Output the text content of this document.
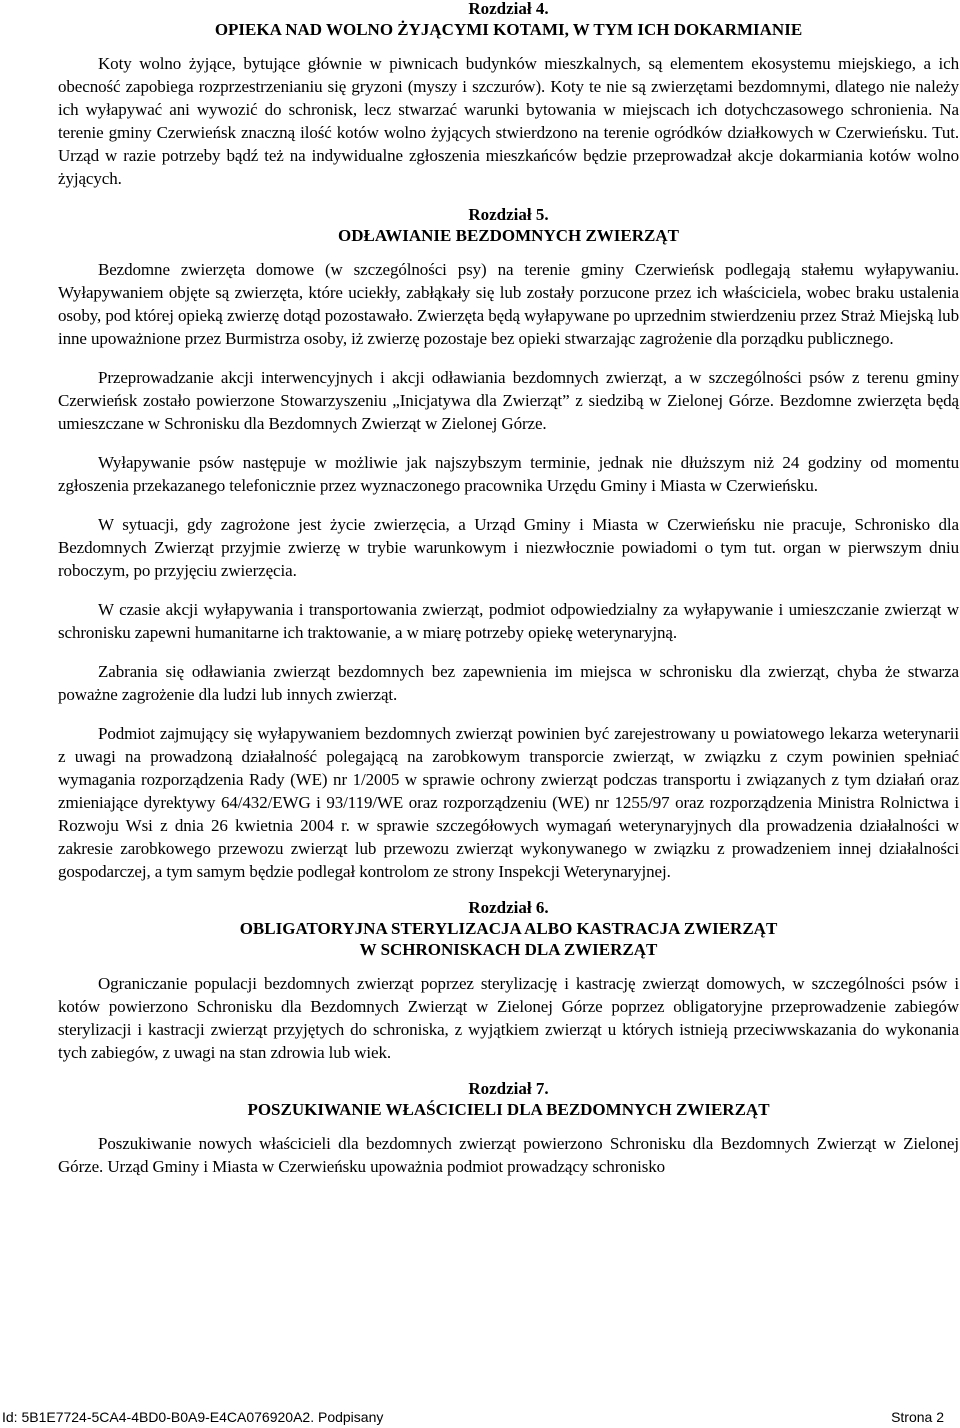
Rozdział 4.
OPIEKA NAD WOLNO ŻYJĄCYMI KOTAMI, W TYM ICH DOKARMIANIE

Koty wolno żyjące, bytujące głównie w piwnicach budynków mieszkalnych, są elementem ekosystemu miejskiego, a ich obecność zapobiega rozprzestrzenianiu się gryzoni (myszy i szczurów). Koty te nie są zwierzętami bezdomnymi, dlatego nie należy ich wyłapywać ani wywozić do schronisk, lecz stwarzać warunki bytowania w miejscach ich dotychczasowego schronienia. Na terenie gminy Czerwieńsk znaczną ilość kotów wolno żyjących stwierdzono na terenie ogródków działkowych w Czerwieńsku. Tut. Urząd w razie potrzeby bądź też na indywidualne zgłoszenia mieszkańców będzie przeprowadzał akcje dokarmiania kotów wolno żyjących.

Rozdział 5.
ODŁAWIANIE BEZDOMNYCH ZWIERZĄT

Bezdomne zwierzęta domowe (w szczególności psy) na terenie gminy Czerwieńsk podlegają stałemu wyłapywaniu. Wyłapywaniem objęte są zwierzęta, które uciekły, zabłąkały się lub zostały porzucone przez ich właściciela, wobec braku ustalenia osoby, pod której opieką zwierzę dotąd pozostawało. Zwierzęta będą wyłapywane po uprzednim stwierdzeniu przez Straż Miejską lub inne upoważnione przez Burmistrza osoby, iż zwierzę pozostaje bez opieki stwarzając zagrożenie dla porządku publicznego.

Przeprowadzanie akcji interwencyjnych i akcji odławiania bezdomnych zwierząt, a w szczególności psów z terenu gminy Czerwieńsk zostało powierzone Stowarzyszeniu „Inicjatywa dla Zwierząt” z siedzibą w Zielonej Górze. Bezdomne zwierzęta będą umieszczane w Schronisku dla Bezdomnych Zwierząt w Zielonej Górze.

Wyłapywanie psów następuje w możliwie jak najszybszym terminie, jednak nie dłuższym niż 24 godziny od momentu zgłoszenia przekazanego telefonicznie przez wyznaczonego pracownika Urzędu Gminy i Miasta w Czerwieńsku.

W sytuacji, gdy zagrożone jest życie zwierzęcia, a Urząd Gminy i Miasta w Czerwieńsku nie pracuje, Schronisko dla Bezdomnych Zwierząt przyjmie zwierzę w trybie warunkowym i niezwłocznie powiadomi o tym tut. organ w pierwszym dniu roboczym, po przyjęciu zwierzęcia.

W czasie akcji wyłapywania i transportowania zwierząt, podmiot odpowiedzialny za wyłapywanie i umieszczanie zwierząt w schronisku zapewni humanitarne ich traktowanie, a w miarę potrzeby opiekę weterynaryjną.

Zabrania się odławiania zwierząt bezdomnych bez zapewnienia im miejsca w schronisku dla zwierząt, chyba że stwarza poważne zagrożenie dla ludzi lub innych zwierząt.

Podmiot zajmujący się wyłapywaniem bezdomnych zwierząt powinien być zarejestrowany u powiatowego lekarza weterynarii z uwagi na prowadzoną działalność polegającą na zarobkowym transporcie zwierząt, w związku z czym powinien spełniać wymagania rozporządzenia Rady (WE) nr 1/2005 w sprawie ochrony zwierząt podczas transportu i związanych z tym działań oraz zmieniające dyrektywy 64/432/EWG i 93/119/WE oraz rozporządzeniu (WE) nr 1255/97 oraz rozporządzenia Ministra Rolnictwa i Rozwoju Wsi z dnia 26 kwietnia 2004 r. w sprawie szczegółowych wymagań weterynaryjnych dla prowadzenia działalności w zakresie zarobkowego przewozu zwierząt lub przewozu zwierząt wykonywanego w związku z prowadzeniem innej działalności gospodarczej, a tym samym będzie podlegał kontrolom ze strony Inspekcji Weterynaryjnej.

Rozdział 6.
OBLIGATORYJNA STERYLIZACJA ALBO KASTRACJA ZWIERZĄT
W SCHRONISKACH DLA ZWIERZĄT

Ograniczanie populacji bezdomnych zwierząt poprzez sterylizację i kastrację zwierząt domowych, w szczególności psów i kotów powierzono Schronisku dla Bezdomnych Zwierząt w Zielonej Górze poprzez obligatoryjne przeprowadzenie zabiegów sterylizacji i kastracji zwierząt przyjętych do schroniska, z wyjątkiem zwierząt u których istnieją przeciwwskazania do wykonania tych zabiegów, z uwagi na stan zdrowia lub wiek.

Rozdział 7.
POSZUKIWANIE WŁAŚCICIELI DLA BEZDOMNYCH ZWIERZĄT

Poszukiwanie nowych właścicieli dla bezdomnych zwierząt powierzono Schronisku dla Bezdomnych Zwierząt w Zielonej Górze. Urząd Gminy i Miasta w Czerwieńsku upoważnia podmiot prowadzący schronisko

Id: 5B1E7724-5CA4-4BD0-B0A9-E4CA076920A2. Podpisany	Strona 2
